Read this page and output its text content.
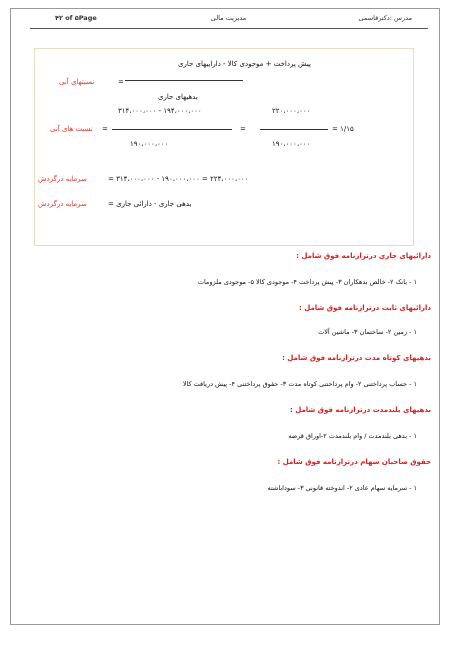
۴۲ of ۵Page	مدیریت مالی	مدرس :دکترقاسمی
پیش پرداخت + موجودی کالا - داراییهای جاری
بدهیهای جاری
=
نسبتهای آنی
نسبت های آنی =
۳۱۴،۰۰۰،۰۰۰ - ۱۹۴،۰۰۰،۰۰۰
۱۹۰،۰۰۰،۰۰۰
=
۲۲۰،۰۰۰،۰۰۰
۱۹۰،۰۰۰،۰۰۰
= ۱/۱۵
سرمایه درگردش	= ۳۱۴،۰۰۰،۰۰۰ - ۱۹۰،۰۰۰،۰۰۰ = ۲۲۴،۰۰۰،۰۰۰
سرمایه درگردش	بدهی جاری - دارائی جاری =
دارائیهای جاری درترازنامه فوق شامل :
۱ - بانک ۲- خالص بدهکاران ۳- پیش پرداخت ۴- موجودی کالا ۵- موجودی ملزومات
دارائیهای ثابت درترازنامه فوق شامل :
۱ - زمین ۲- ساختمان ۳- ماشین آلات
بدهیهای کوتاه مدت درترازنامه فوق شامل :
۱ - حساب پرداختنی ۲- وام پرداختنی کوتاه مدت ۳- حقوق پرداختنی ۴- پیش دریافت کالا
بدهیهای بلندمدت درترازنامه فوق شامل :
۱ - بدهی بلندمدت / وام بلندمدت ۲-اوراق قرضه
حقوق صاحبان سهام درترازنامه فوق شامل :
۱ - سرمایه سهام عادی ۲- اندوخته قانونی ۳- سوداباشته
